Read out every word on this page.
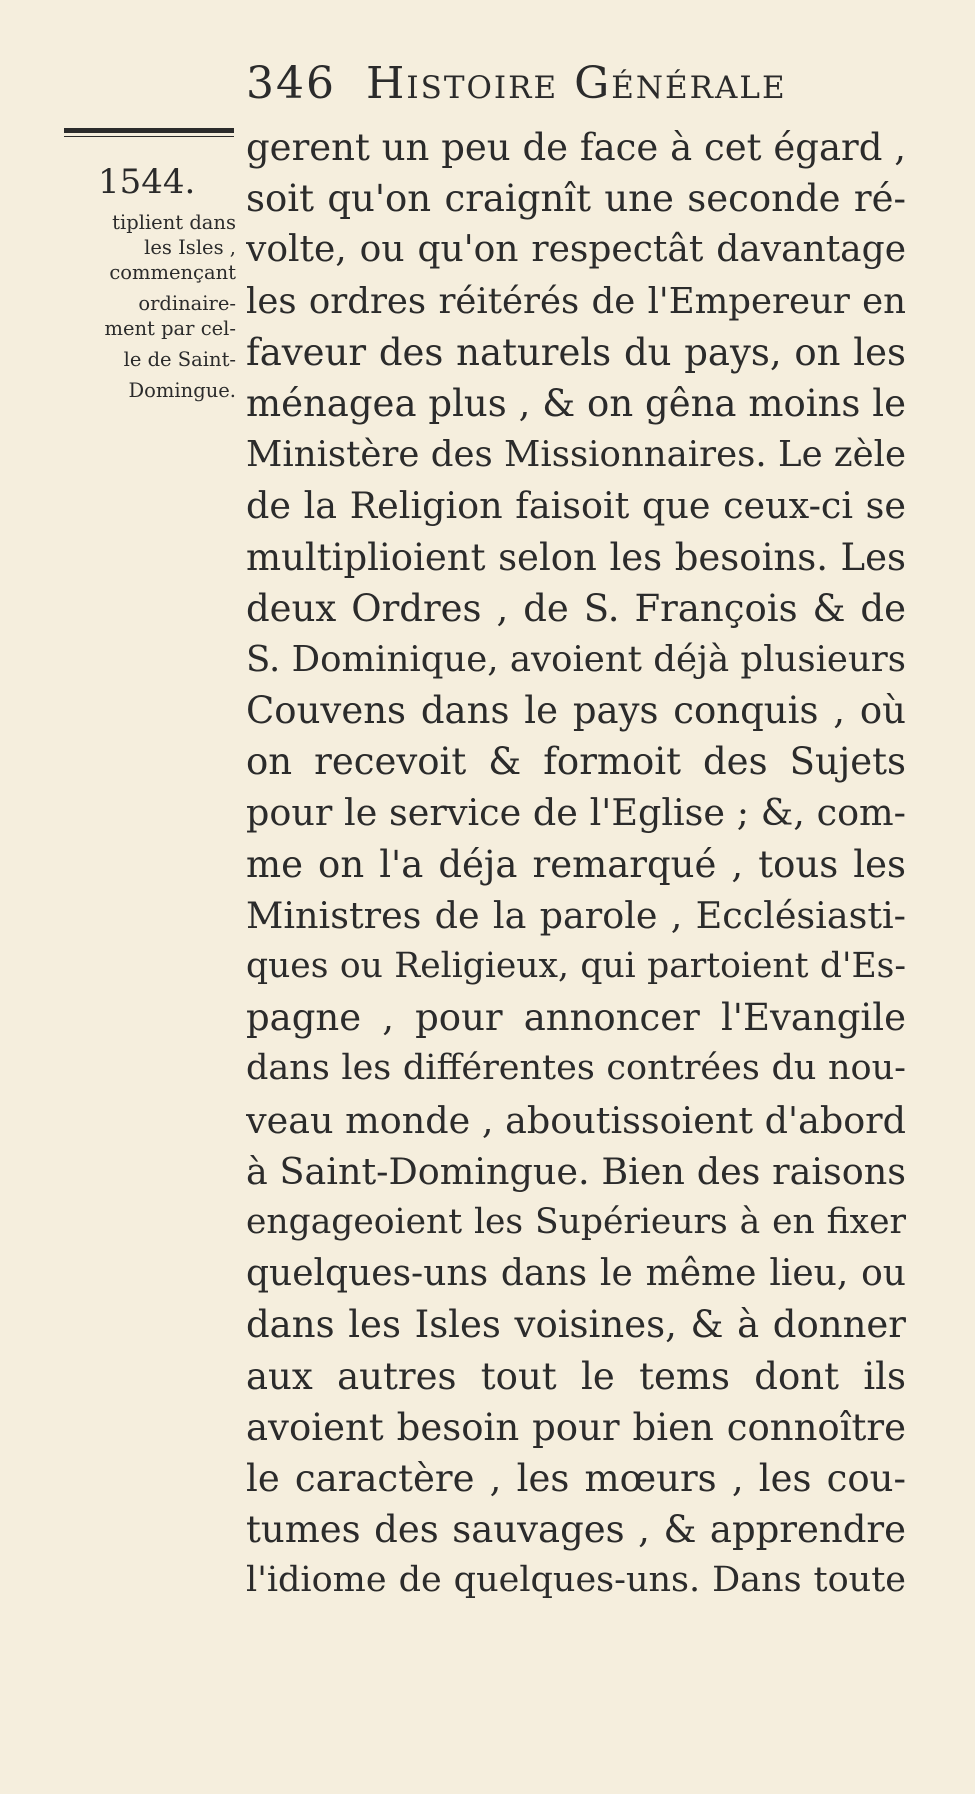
346 Histoire Générale
1544.
tiplient dans
les Isles ,
commençant
ordinaire-
ment par cel-
le de Saint-
Domingue.
gerent un peu de face à cet égard ,
soit qu'on craignît une seconde ré-
volte, ou qu'on respectât davantage
les ordres réitérés de l'Empereur en
faveur des naturels du pays, on les
ménagea plus , & on gêna moins le
Ministère des Missionnaires. Le zèle
de la Religion faisoit que ceux-ci se
multiplioient selon les besoins. Les
deux Ordres , de S. François & de
S. Dominique, avoient déjà plusieurs
Couvens dans le pays conquis , où
on recevoit & formoit des Sujets
pour le service de l'Eglise ; &, com-
me on l'a déja remarqué , tous les
Ministres de la parole , Ecclésiasti-
ques ou Religieux, qui partoient d'Es-
pagne , pour annoncer l'Evangile
dans les différentes contrées du nou-
veau monde , aboutissoient d'abord
à Saint-Domingue. Bien des raisons
engageoient les Supérieurs à en fixer
quelques-uns dans le même lieu, ou
dans les Isles voisines, & à donner
aux autres tout le tems dont ils
avoient besoin pour bien connoître
le caractère , les mœurs , les cou-
tumes des sauvages , & apprendre
l'idiome de quelques-uns. Dans toute
